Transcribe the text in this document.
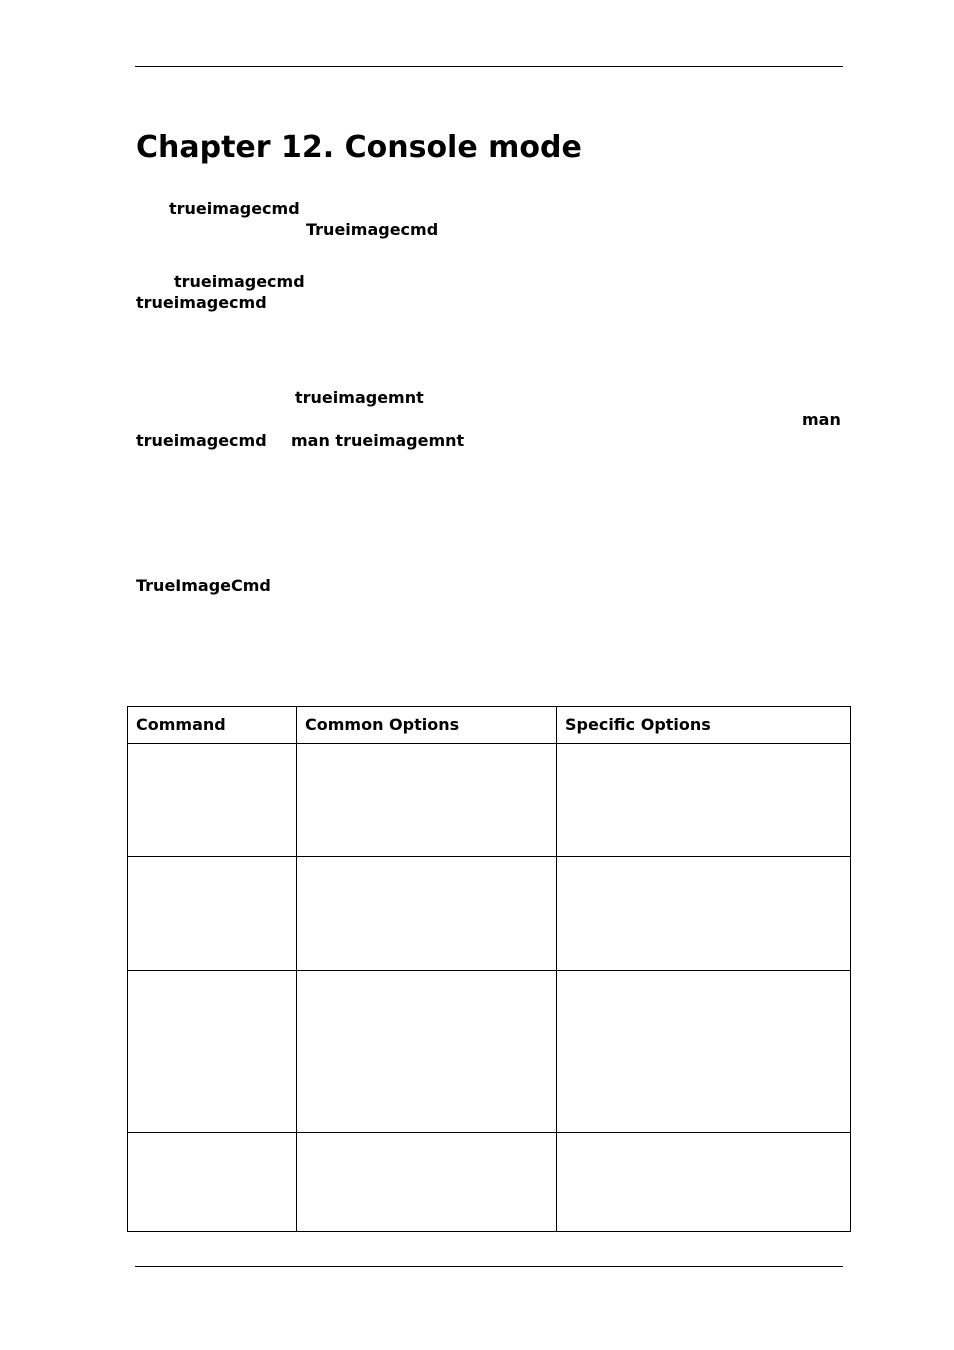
Chapter 12. Console mode
trueimagecmd
Trueimagecmd
trueimagecmd
trueimagecmd
trueimagemnt
man
trueimagecmd man trueimagemnt
TrueImageCmd
Command	Common Options	Specific Options
